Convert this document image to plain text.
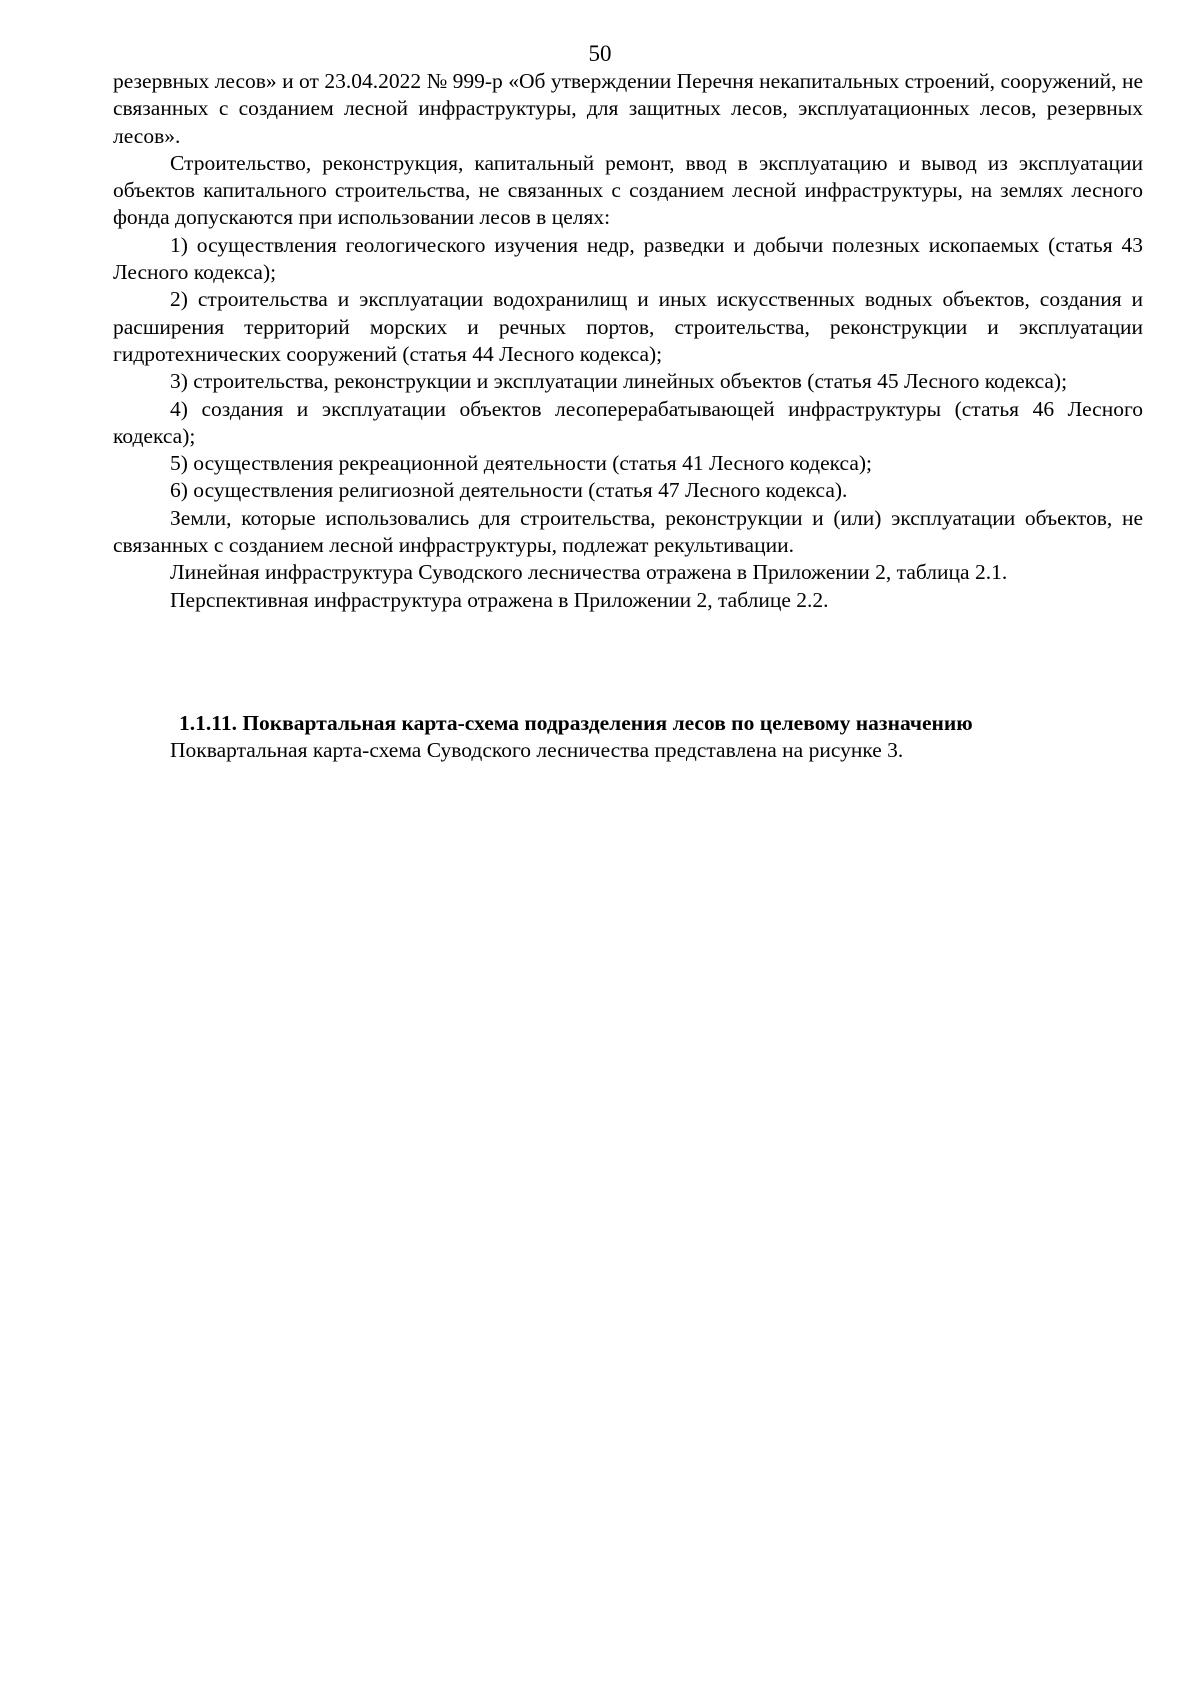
50

резервных лесов» и от 23.04.2022 № 999-р «Об утверждении Перечня некапитальных строений, сооружений, не связанных с созданием лесной инфраструктуры, для защитных лесов, эксплуатационных лесов, резервных лесов».

Строительство, реконструкция, капитальный ремонт, ввод в эксплуатацию и вывод из эксплуатации объектов капитального строительства, не связанных с созданием лесной инфраструктуры, на землях лесного фонда допускаются при использовании лесов в целях:

1) осуществления геологического изучения недр, разведки и добычи полезных ископаемых (статья 43 Лесного кодекса);

2) строительства и эксплуатации водохранилищ и иных искусственных водных объектов, создания и расширения территорий морских и речных портов, строительства, реконструкции и эксплуатации гидротехнических сооружений (статья 44 Лесного кодекса);

3) строительства, реконструкции и эксплуатации линейных объектов (статья 45 Лесного кодекса);

4) создания и эксплуатации объектов лесоперерабатывающей инфраструктуры (статья 46 Лесного кодекса);

5) осуществления рекреационной деятельности (статья 41 Лесного кодекса);

6) осуществления религиозной деятельности (статья 47 Лесного кодекса).

Земли, которые использовались для строительства, реконструкции и (или) эксплуатации объектов, не связанных с созданием лесной инфраструктуры, подлежат рекультивации.

Линейная инфраструктура Суводского лесничества отражена в Приложении 2, таблица 2.1.

Перспективная инфраструктура отражена в Приложении 2, таблице 2.2.

1.1.11. Поквартальная карта-схема подразделения лесов по целевому назначению

Поквартальная карта-схема Суводского лесничества представлена на рисунке 3.
